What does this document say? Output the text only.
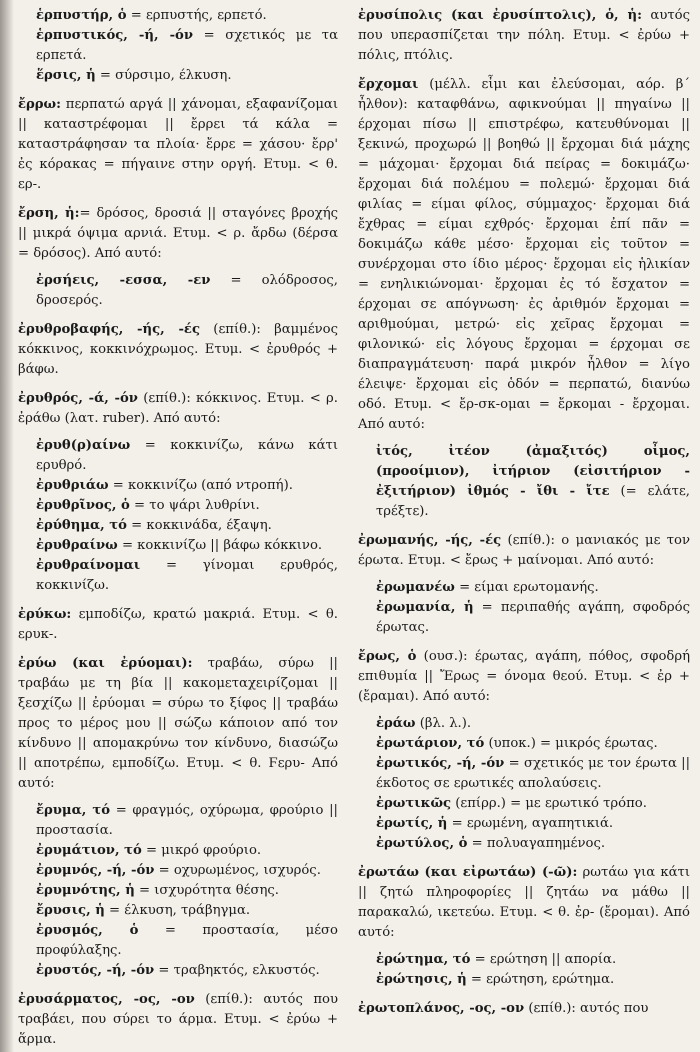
ἑρπυστήρ, ὁ = ερπυστής, ερπετό.

ἑρπυστικός, -ή, -όν = σχετικός με τα ερπετά.

ἕρσις, ἡ = σύρσιμο, έλκυση.

ἔρρω: περπατώ αργά || χάνομαι, εξαφανίζομαι || καταστρέφομαι || ἔρρει τά κάλα = καταστράφησαν τα πλοία· ἔρρε = χάσου· ἔρρ' ἐς κόρακας = πήγαινε στην οργή. Ετυμ. < θ. ερ-.

ἔρση, ἡ:= δρόσος, δροσιά || σταγόνες βροχής || μικρά όψιμα αρνιά. Ετυμ. < ρ. ἄρδω (δέρσα = δρόσος). Από αυτό:

ἐρσήεις, -εσσα, -εν = ολόδροσος, δροσερός.

ἐρυθροβαφής, -ής, -ές (επίθ.): βαμμένος κόκκινος, κοκκινόχρωμος. Ετυμ. < ἐρυθρός + βάφω.

ἐρυθρός, -ά, -όν (επίθ.): κόκκινος. Ετυμ. < ρ. ἐράθω (λατ. ruber). Από αυτό:

ἐρυθ(ρ)αίνω = κοκκινίζω, κάνω κάτι ερυθρό.

ἐρυθριάω = κοκκινίζω (από ντροπή).

ἐρυθρῖνος, ὁ = το ψάρι λυθρίνι.

ἐρύθημα, τό = κοκκινάδα, έξαψη.

ἐρυθραίνω = κοκκινίζω || βάφω κόκκινο.

ἐρυθραίνομαι = γίνομαι ερυθρός, κοκκινίζω.

ἐρύκω: εμποδίζω, κρατώ μακριά. Ετυμ. < θ. ερυκ-.

ἐρύω (και ἐρύομαι): τραβάω, σύρω || τραβάω με τη βία || κακομεταχειρίζομαι || ξεσχίζω || ἐρύομαι = σύρω το ξίφος || τραβάω προς το μέρος μου || σώζω κάποιον από τον κίνδυνο || απομακρύνω τον κίνδυνο, διασώζω || αποτρέπω, εμποδίζω. Ετυμ. < θ. Ϝερυ- Από αυτό:

ἔρυμα, τό = φραγμός, οχύρωμα, φρούριο || προστασία.

ἐρυμάτιον, τό = μικρό φρούριο.

ἐρυμνός, -ή, -όν = οχυρωμένος, ισχυρός.

ἐρυμνότης, ἡ = ισχυρότητα θέσης.

ἔρυσις, ἡ = έλκυση, τράβηγμα.

ἐρυσμός, ὁ = προστασία, μέσο προφύλαξης.

ἐρυστός, -ή, -όν = τραβηκτός, ελκυστός.

ἐρυσάρματος, -ος, -ον (επίθ.): αυτός που τραβάει, που σύρει το άρμα. Ετυμ. < ἐρύω + ἅρμα.

ἐρυσίπολις (και ἐρυσίπτολις), ὁ, ἡ: αυτός που υπερασπίζεται την πόλη. Ετυμ. < ἐρύω + πόλις, πτόλις.

ἔρχομαι (μέλλ. εἶμι και ἐλεύσομαι, αόρ. β΄ ἦλθον): καταφθάνω, αφικνούμαι || πηγαίνω || έρχομαι πίσω || επιστρέφω, κατευθύνομαι || ξεκινώ, προχωρώ || βοηθώ || ἔρχομαι διά μάχης = μάχομαι· ἔρχομαι διά πείρας = δοκιμάζω· ἔρχομαι διά πολέμου = πολεμώ· ἔρχομαι διά φιλίας = είμαι φίλος, σύμμαχος· ἔρχομαι διά ἔχθρας = είμαι εχθρός· ἔρχομαι ἐπί πᾶν = δοκιμάζω κάθε μέσο· ἔρχομαι εἰς τοῦτον = συνέρχομαι στο ίδιο μέρος· ἔρχομαι εἰς ἡλικίαν = ενηλικιώνομαι· ἔρχομαι ἐς τό ἔσχατον = έρχομαι σε απόγνωση· ἐς ἀριθμόν ἔρχομαι = αριθμούμαι, μετρώ· εἰς χεῖρας ἔρχομαι = φιλονικώ· εἰς λόγους ἔρχομαι = έρχομαι σε διαπραγμάτευση· παρά μικρόν ἦλθον = λίγο έλειψε· ἔρχομαι εἰς ὁδόν = περπατώ, διανύω οδό. Ετυμ. < ἔρ-σκ-ομαι = ἔρκομαι - ἔρχομαι. Από αυτό:

ἰτός, ἰτέον (ἀμαξιτός) οἶμος, (προοίμιον), ἰτήριον (εἰσιτήριον - ἐξιτήριον) ἰθμός - ἴθι - ἴτε (= ελάτε, τρέξτε).

ἐρωμανής, -ής, -ές (επίθ.): ο μανιακός με τον έρωτα. Ετυμ. < ἔρως + μαίνομαι. Από αυτό:

ἐρωμανέω = είμαι ερωτομανής.

ἐρωμανία, ἡ = περιπαθής αγάπη, σφοδρός έρωτας.

ἔρως, ὁ (ουσ.): έρωτας, αγάπη, πόθος, σφοδρή επιθυμία || Ἔρως = όνομα θεού. Ετυμ. < ἐρ + (ἔραμαι). Από αυτό:

ἐράω (βλ. λ.).

ἐρωτάριον, τό (υποκ.) = μικρός έρωτας.

ἐρωτικός, -ή, -όν = σχετικός με τον έρωτα || έκδοτος σε ερωτικές απολαύσεις.

ἐρωτικῶς (επίρρ.) = με ερωτικό τρόπο.

ἐρωτίς, ἡ = ερωμένη, αγαπητικιά.

ἐρωτύλος, ὁ = πολυαγαπημένος.

ἐρωτάω (και εἰρωτάω) (-ῶ): ρωτάω για κάτι || ζητώ πληροφορίες || ζητάω να μάθω || παρακαλώ, ικετεύω. Ετυμ. < θ. ἐρ- (ἔρομαι). Από αυτό:

ἐρώτημα, τό = ερώτηση || απορία.

ἐρώτησις, ἡ = ερώτηση, ερώτημα.

ἐρωτοπλάνος, -ος, -ον (επίθ.): αυτός που
